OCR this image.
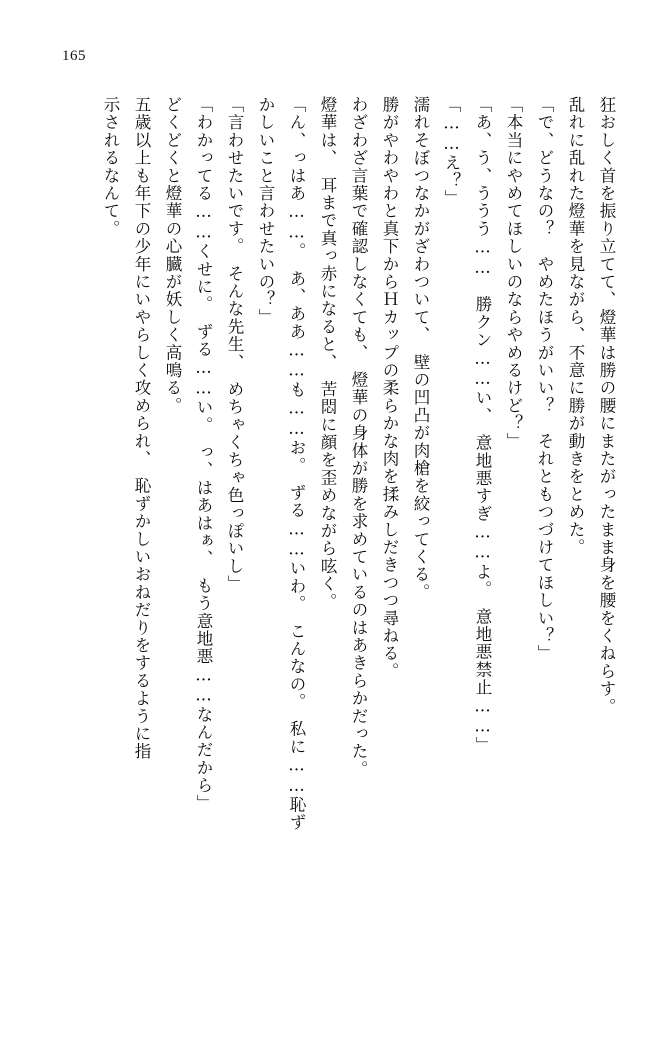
165
狂おしく首を振り立てて、燈華は勝の腰にまたがったまま身を腰をくねらす。
乱れに乱れた燈華を見ながら、不意に勝が動きをとめた。
「で、どうなの？　やめたほうがいい？　それともつづけてほしい？」
「本当にやめてほしいのならやめるけど？」
「あ、う、ううう……　勝クン……い、　意地悪すぎ……よ。　意地悪禁止……」
「……え？」
濡れそぼつなかがざわついて、　壁の凹凸が肉槍を絞ってくる。
勝がやわやわと真下からＨカップの柔らかな肉を揉みしだきつつ尋ねる。
わざわざ言葉で確認しなくても、　燈華の身体が勝を求めているのはあきらかだった。
燈華は、　耳まで真っ赤になると、　苦悶に顔を歪めながら呟く。
「ん、っはあ……。　あ、ああ……も……お。　ずる……いわ。　こんなの。　私に……恥ず
かしいこと言わせたいの？」
「言わせたいです。　そんな先生、　めちゃくちゃ色っぽいし」
「わかってる……くせに。　ずる……い。　っ、はあはぁ、　もう意地悪……なんだから」
どくどくと燈華の心臓が妖しく高鳴る。
五歳以上も年下の少年にいやらしく攻められ、　恥ずかしいおねだりをするように指
示されるなんて。
